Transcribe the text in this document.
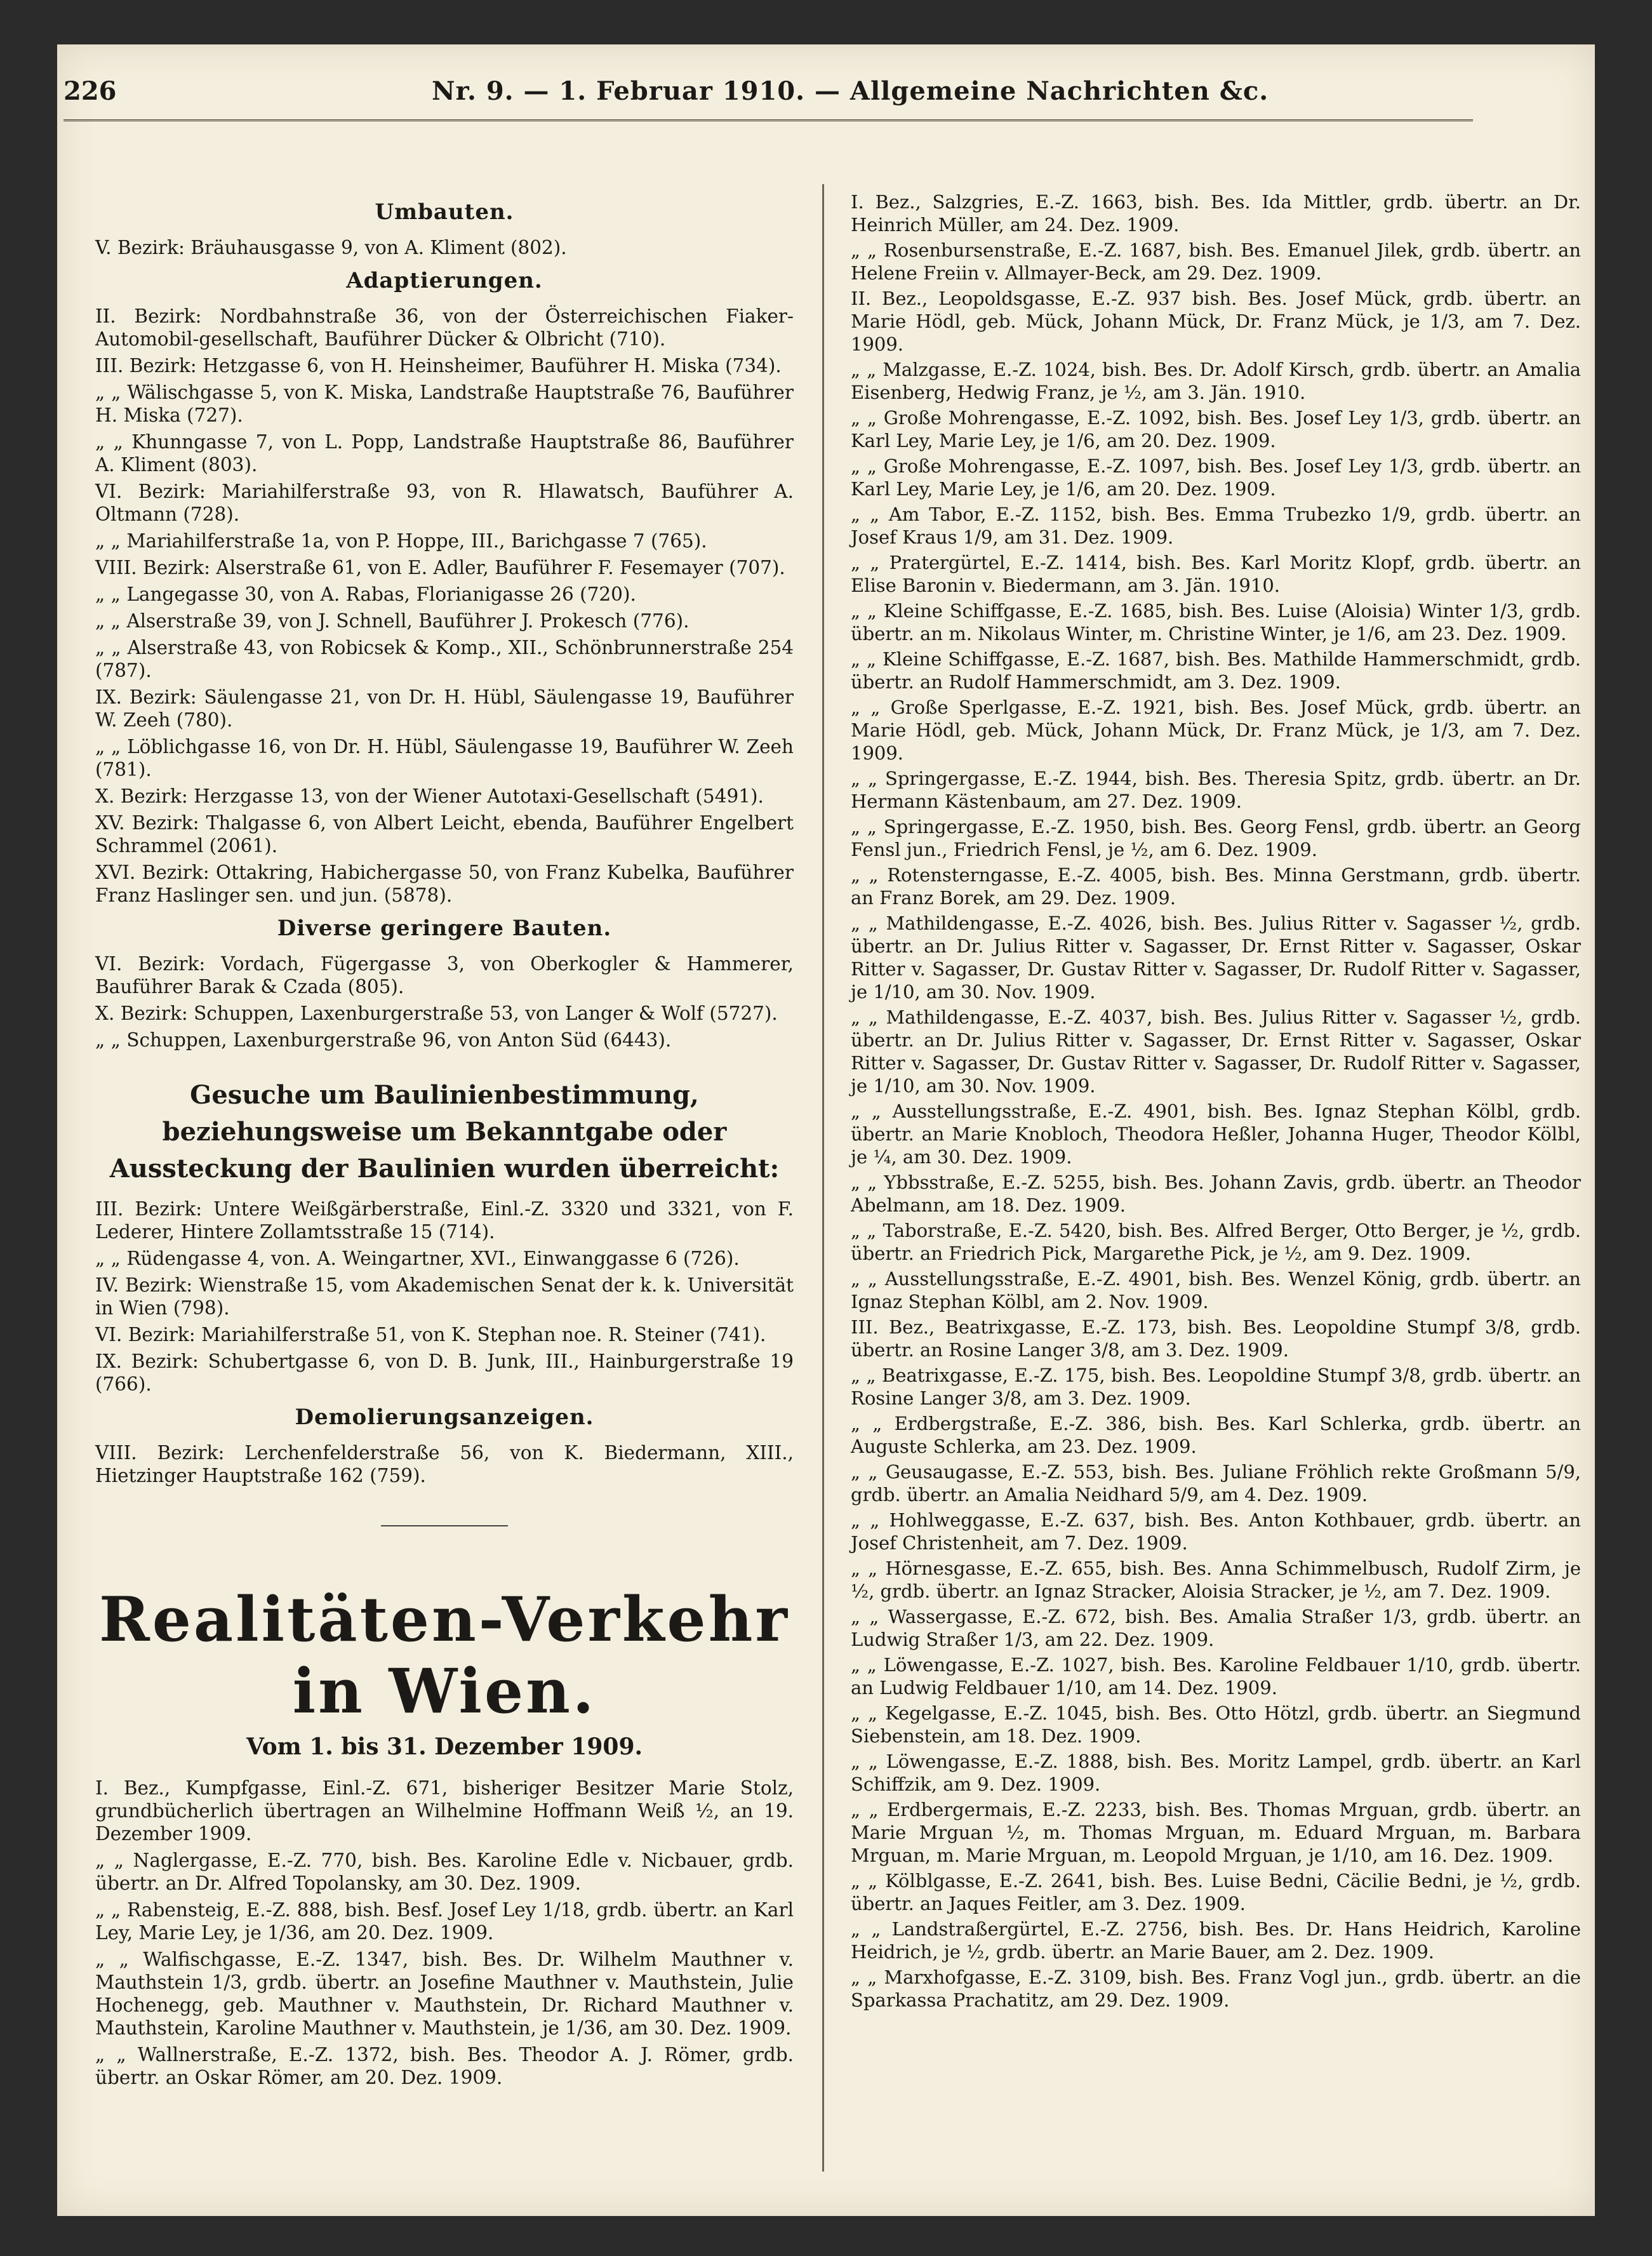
226	Nr. 9. — 1. Februar 1910. — Allgemeine Nachrichten &c.
Umbauten.
V. Bezirk: Bräuhausgasse 9, von A. Kliment (802).
Adaptierungen.
II. Bezirk: Nordbahnstraße 36, von der Österreichischen Fiaker-Automobil-gesellschaft, Bauführer Dücker & Olbricht (710).
III. Bezirk: Hetzgasse 6, von H. Heinsheimer, Bauführer H. Miska (734).
„ „ Wälischgasse 5, von K. Miska, Landstraße Hauptstraße 76, Bauführer H. Miska (727).
„ „ Khunngasse 7, von L. Popp, Landstraße Hauptstraße 86, Bauführer A. Kliment (803).
VI. Bezirk: Mariahilferstraße 93, von R. Hlawatsch, Bauführer A. Oltmann (728).
„ „ Mariahilferstraße 1a, von P. Hoppe, III., Barichgasse 7 (765).
VIII. Bezirk: Alserstraße 61, von E. Adler, Bauführer F. Fesemayer (707).
„ „ Langegasse 30, von A. Rabas, Florianigasse 26 (720).
„ „ Alserstraße 39, von J. Schnell, Bauführer J. Prokesch (776).
„ „ Alserstraße 43, von Robicsek & Komp., XII., Schönbrunnerstraße 254 (787).
IX. Bezirk: Säulengasse 21, von Dr. H. Hübl, Säulengasse 19, Bauführer W. Zeeh (780).
„ „ Löblichgasse 16, von Dr. H. Hübl, Säulengasse 19, Bauführer W. Zeeh (781).
X. Bezirk: Herzgasse 13, von der Wiener Autotaxi-Gesellschaft (5491).
XV. Bezirk: Thalgasse 6, von Albert Leicht, ebenda, Bauführer Engelbert Schrammel (2061).
XVI. Bezirk: Ottakring, Habichergasse 50, von Franz Kubelka, Bauführer Franz Haslinger sen. und jun. (5878).
Diverse geringere Bauten.
VI. Bezirk: Vordach, Fügergasse 3, von Oberkogler & Hammerer, Bauführer Barak & Czada (805).
X. Bezirk: Schuppen, Laxenburgerstraße 53, von Langer & Wolf (5727).
„ „ Schuppen, Laxenburgerstraße 96, von Anton Süd (6443).
Gesuche um Baulinienbestimmung, beziehungsweise um Bekanntgabe oder Aussteckung der Baulinien wurden überreicht:
III. Bezirk: Untere Weißgärberstraße, Einl.-Z. 3320 und 3321, von F. Lederer, Hintere Zollamtsstraße 15 (714).
„ „ Rüdengasse 4, von. A. Weingartner, XVI., Einwanggasse 6 (726).
IV. Bezirk: Wienstraße 15, vom Akademischen Senat der k. k. Universität in Wien (798).
VI. Bezirk: Mariahilferstraße 51, von K. Stephan noe. R. Steiner (741).
IX. Bezirk: Schubertgasse 6, von D. B. Junk, III., Hainburgerstraße 19 (766).
Demolierungsanzeigen.
VIII. Bezirk: Lerchenfelderstraße 56, von K. Biedermann, XIII., Hietzinger Hauptstraße 162 (759).
Realitäten-Verkehr in Wien.
Vom 1. bis 31. Dezember 1909.
I. Bez., Kumpfgasse, Einl.-Z. 671, bisheriger Besitzer Marie Stolz, grundbücherlich übertragen an Wilhelmine Hoffmann Weiß ½, an 19. Dezember 1909.
„ „ Naglergasse, E.-Z. 770, bish. Bes. Karoline Edle v. Nicbauer, grdb. übertr. an Dr. Alfred Topolansky, am 30. Dez. 1909.
„ „ Rabensteig, E.-Z. 888, bish. Besf. Josef Ley 1/18, grdb. übertr. an Karl Ley, Marie Ley, je 1/36, am 20. Dez. 1909.
„ „ Walfischgasse, E.-Z. 1347, bish. Bes. Dr. Wilhelm Mauthner v. Mauthstein 1/3, grdb. übertr. an Josefine Mauthner v. Mauthstein, Julie Hochenegg, geb. Mauthner v. Mauthstein, Dr. Richard Mauthner v. Mauthstein, Karoline Mauthner v. Mauthstein, je 1/36, am 30. Dez. 1909.
„ „ Wallnerstraße, E.-Z. 1372, bish. Bes. Theodor A. J. Römer, grdb. übertr. an Oskar Römer, am 20. Dez. 1909.
I. Bez., Salzgries, E.-Z. 1663, bish. Bes. Ida Mittler, grdb. übertr. an Dr. Heinrich Müller, am 24. Dez. 1909.
„ „ Rosenbursenstraße, E.-Z. 1687, bish. Bes. Emanuel Jilek, grdb. übertr. an Helene Freiin v. Allmayer-Beck, am 29. Dez. 1909.
II. Bez., Leopoldsgasse, E.-Z. 937 bish. Bes. Josef Mück, grdb. übertr. an Marie Hödl, geb. Mück, Johann Mück, Dr. Franz Mück, je 1/3, am 7. Dez. 1909.
„ „ Malzgasse, E.-Z. 1024, bish. Bes. Dr. Adolf Kirsch, grdb. übertr. an Amalia Eisenberg, Hedwig Franz, je ½, am 3. Jän. 1910.
„ „ Große Mohrengasse, E.-Z. 1092, bish. Bes. Josef Ley 1/3, grdb. übertr. an Karl Ley, Marie Ley, je 1/6, am 20. Dez. 1909.
„ „ Große Mohrengasse, E.-Z. 1097, bish. Bes. Josef Ley 1/3, grdb. übertr. an Karl Ley, Marie Ley, je 1/6, am 20. Dez. 1909.
„ „ Am Tabor, E.-Z. 1152, bish. Bes. Emma Trubezko 1/9, grdb. übertr. an Josef Kraus 1/9, am 31. Dez. 1909.
„ „ Pratergürtel, E.-Z. 1414, bish. Bes. Karl Moritz Klopf, grdb. übertr. an Elise Baronin v. Biedermann, am 3. Jän. 1910.
„ „ Kleine Schiffgasse, E.-Z. 1685, bish. Bes. Luise (Aloisia) Winter 1/3, grdb. übertr. an m. Nikolaus Winter, m. Christine Winter, je 1/6, am 23. Dez. 1909.
„ „ Kleine Schiffgasse, E.-Z. 1687, bish. Bes. Mathilde Hammerschmidt, grdb. übertr. an Rudolf Hammerschmidt, am 3. Dez. 1909.
„ „ Große Sperlgasse, E.-Z. 1921, bish. Bes. Josef Mück, grdb. übertr. an Marie Hödl, geb. Mück, Johann Mück, Dr. Franz Mück, je 1/3, am 7. Dez. 1909.
„ „ Springergasse, E.-Z. 1944, bish. Bes. Theresia Spitz, grdb. übertr. an Dr. Hermann Kästenbaum, am 27. Dez. 1909.
„ „ Springergasse, E.-Z. 1950, bish. Bes. Georg Fensl, grdb. übertr. an Georg Fensl jun., Friedrich Fensl, je ½, am 6. Dez. 1909.
„ „ Rotensterngasse, E.-Z. 4005, bish. Bes. Minna Gerstmann, grdb. übertr. an Franz Borek, am 29. Dez. 1909.
„ „ Mathildengasse, E.-Z. 4026, bish. Bes. Julius Ritter v. Sagasser ½, grdb. übertr. an Dr. Julius Ritter v. Sagasser, Dr. Ernst Ritter v. Sagasser, Oskar Ritter v. Sagasser, Dr. Gustav Ritter v. Sagasser, Dr. Rudolf Ritter v. Sagasser, je 1/10, am 30. Nov. 1909.
„ „ Mathildengasse, E.-Z. 4037, bish. Bes. Julius Ritter v. Sagasser ½, grdb. übertr. an Dr. Julius Ritter v. Sagasser, Dr. Ernst Ritter v. Sagasser, Oskar Ritter v. Sagasser, Dr. Gustav Ritter v. Sagasser, Dr. Rudolf Ritter v. Sagasser, je 1/10, am 30. Nov. 1909.
„ „ Ausstellungsstraße, E.-Z. 4901, bish. Bes. Ignaz Stephan Kölbl, grdb. übertr. an Marie Knobloch, Theodora Heßler, Johanna Huger, Theodor Kölbl, je ¼, am 30. Dez. 1909.
„ „ Ybbsstraße, E.-Z. 5255, bish. Bes. Johann Zavis, grdb. übertr. an Theodor Abelmann, am 18. Dez. 1909.
„ „ Taborstraße, E.-Z. 5420, bish. Bes. Alfred Berger, Otto Berger, je ½, grdb. übertr. an Friedrich Pick, Margarethe Pick, je ½, am 9. Dez. 1909.
„ „ Ausstellungsstraße, E.-Z. 4901, bish. Bes. Wenzel König, grdb. übertr. an Ignaz Stephan Kölbl, am 2. Nov. 1909.
III. Bez., Beatrixgasse, E.-Z. 173, bish. Bes. Leopoldine Stumpf 3/8, grdb. übertr. an Rosine Langer 3/8, am 3. Dez. 1909.
„ „ Beatrixgasse, E.-Z. 175, bish. Bes. Leopoldine Stumpf 3/8, grdb. übertr. an Rosine Langer 3/8, am 3. Dez. 1909.
„ „ Erdbergstraße, E.-Z. 386, bish. Bes. Karl Schlerka, grdb. übertr. an Auguste Schlerka, am 23. Dez. 1909.
„ „ Geusaugasse, E.-Z. 553, bish. Bes. Juliane Fröhlich rekte Großmann 5/9, grdb. übertr. an Amalia Neidhard 5/9, am 4. Dez. 1909.
„ „ Hohlweggasse, E.-Z. 637, bish. Bes. Anton Kothbauer, grdb. übertr. an Josef Christenheit, am 7. Dez. 1909.
„ „ Hörnesgasse, E.-Z. 655, bish. Bes. Anna Schimmelbusch, Rudolf Zirm, je ½, grdb. übertr. an Ignaz Stracker, Aloisia Stracker, je ½, am 7. Dez. 1909.
„ „ Wassergasse, E.-Z. 672, bish. Bes. Amalia Straßer 1/3, grdb. übertr. an Ludwig Straßer 1/3, am 22. Dez. 1909.
„ „ Löwengasse, E.-Z. 1027, bish. Bes. Karoline Feldbauer 1/10, grdb. übertr. an Ludwig Feldbauer 1/10, am 14. Dez. 1909.
„ „ Kegelgasse, E.-Z. 1045, bish. Bes. Otto Hötzl, grdb. übertr. an Siegmund Siebenstein, am 18. Dez. 1909.
„ „ Löwengasse, E.-Z. 1888, bish. Bes. Moritz Lampel, grdb. übertr. an Karl Schiffzik, am 9. Dez. 1909.
„ „ Erdbergermais, E.-Z. 2233, bish. Bes. Thomas Mrguan, grdb. übertr. an Marie Mrguan ½, m. Thomas Mrguan, m. Eduard Mrguan, m. Barbara Mrguan, m. Marie Mrguan, m. Leopold Mrguan, je 1/10, am 16. Dez. 1909.
„ „ Kölblgasse, E.-Z. 2641, bish. Bes. Luise Bedni, Cäcilie Bedni, je ½, grdb. übertr. an Jaques Feitler, am 3. Dez. 1909.
„ „ Landstraßergürtel, E.-Z. 2756, bish. Bes. Dr. Hans Heidrich, Karoline Heidrich, je ½, grdb. übertr. an Marie Bauer, am 2. Dez. 1909.
„ „ Marxhofgasse, E.-Z. 3109, bish. Bes. Franz Vogl jun., grdb. übertr. an die Sparkassa Prachatitz, am 29. Dez. 1909.
